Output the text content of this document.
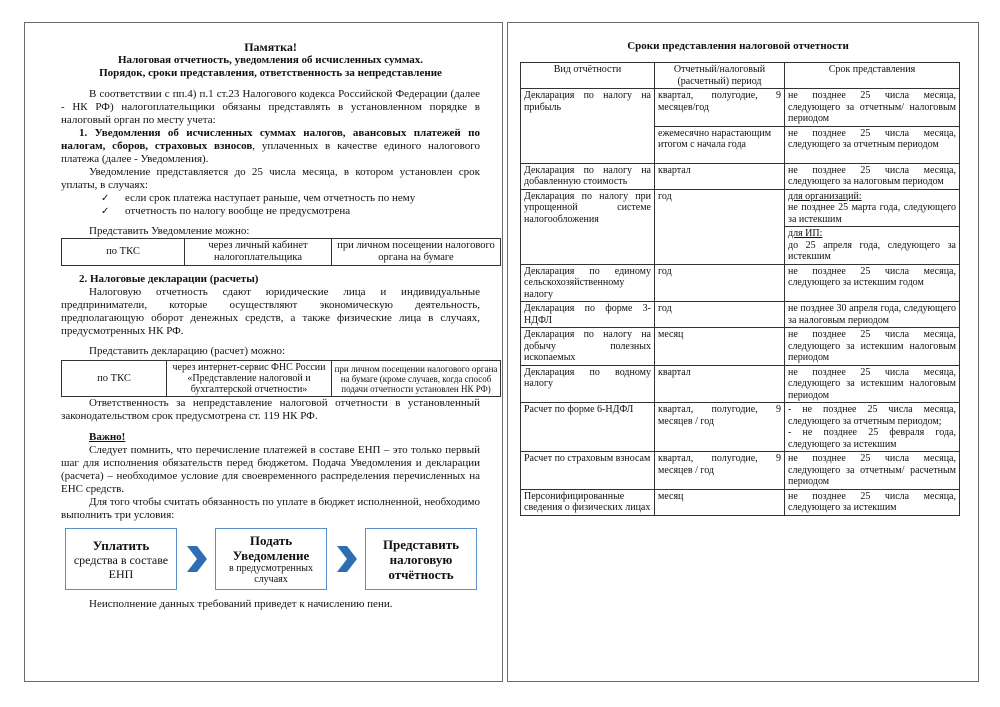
Памятка!
Налоговая отчетность, уведомления об исчисленных суммах.
Порядок, сроки представления, ответственность за непредставление

В соответствии с пп.4) п.1 ст.23 Налогового кодекса Российской Федерации (далее - НК РФ) налогоплательщики обязаны представлять в установленном порядке в налоговый орган по месту учета:

1. Уведомления об исчисленных суммах налогов, авансовых платежей по налогам, сборов, страховых взносов, уплаченных в качестве единого налогового платежа (далее - Уведомления).

Уведомление представляется до 25 числа месяца, в котором установлен срок уплаты, в случаях:

✓ если срок платежа наступает раньше, чем отчетность по нему
✓ отчетность по налогу вообще не предусмотрена

Представить Уведомление можно:

по ТКС	через личный кабинет налогоплательщика	при личном посещении налогового органа на бумаге
2. Налоговые декларации (расчеты)

Налоговую отчетность сдают юридические лица и индивидуальные предприниматели, которые осуществляют экономическую деятельность, предполагающую оборот денежных средств, а также физические лица в случаях, предусмотренных НК РФ.

Представить декларацию (расчет) можно:

по ТКС	через интернет-сервис ФНС России «Представление налоговой и бухгалтерской отчетности»	при личном посещении налогового органа на бумаге (кроме случаев, когда способ подачи отчетности установлен НК РФ)

Ответственность за непредставление налоговой отчетности в установленный законодательством срок предусмотрена ст. 119 НК РФ.

Важно!

Следует помнить, что перечисление платежей в составе ЕНП – это только первый шаг для исполнения обязательств перед бюджетом. Подача Уведомления и декларации (расчета) – необходимое условие для своевременного распределения перечисленных на ЕНС средств.

Для того чтобы считать обязанность по уплате в бюджет исполненной, необходимо выполнить три условия:

Уплатить
средства в составе ЕНП
Подать
Уведомление
в предусмотренных случаях
Представить
налоговую
отчётность

Неисполнение данных требований приведет к начислению пени.

Сроки представления налоговой отчетности
Вид отчётности	Отчетный/налоговый (расчетный) период	Срок представления
Декларация по налогу на прибыль	квартал, полугодие, 9 месяцев/год	не позднее 25 числа месяца, следующего за отчетным/ налоговым периодом
	ежемесячно нарастающим итогом с начала года	не позднее 25 числа месяца, следующего за отчетным периодом
Декларация по налогу на добавленную стоимость	квартал	не позднее 25 числа месяца, следующего за налоговым периодом
Декларация по налогу при упрощенной системе налогообложения	год	для организаций:
не позднее 25 марта года, следующего за истекшим
		для ИП:
до 25 апреля года, следующего за истекшим
Декларация по единому сельскохозяйственному налогу	год	не позднее 25 числа месяца, следующего за истекшим годом
Декларация по форме 3-НДФЛ	год	не позднее 30 апреля года, следующего за налоговым периодом
Декларация по налогу на добычу полезных ископаемых	месяц	не позднее 25 числа месяца, следующего за истекшим налоговым периодом
Декларация по водному налогу	квартал	не позднее 25 числа месяца, следующего за истекшим налоговым периодом
Расчет по форме 6-НДФЛ	квартал, полугодие, 9 месяцев / год	- не позднее 25 числа месяца, следующего за отчетным периодом;
- не позднее 25 февраля года, следующего за истекшим
Расчет по страховым взносам	квартал, полугодие, 9 месяцев / год	не позднее 25 числа месяца, следующего за отчетным/ расчетным периодом
Персонифицированные сведения о физических лицах	месяц	не позднее 25 числа месяца, следующего за истекшим
